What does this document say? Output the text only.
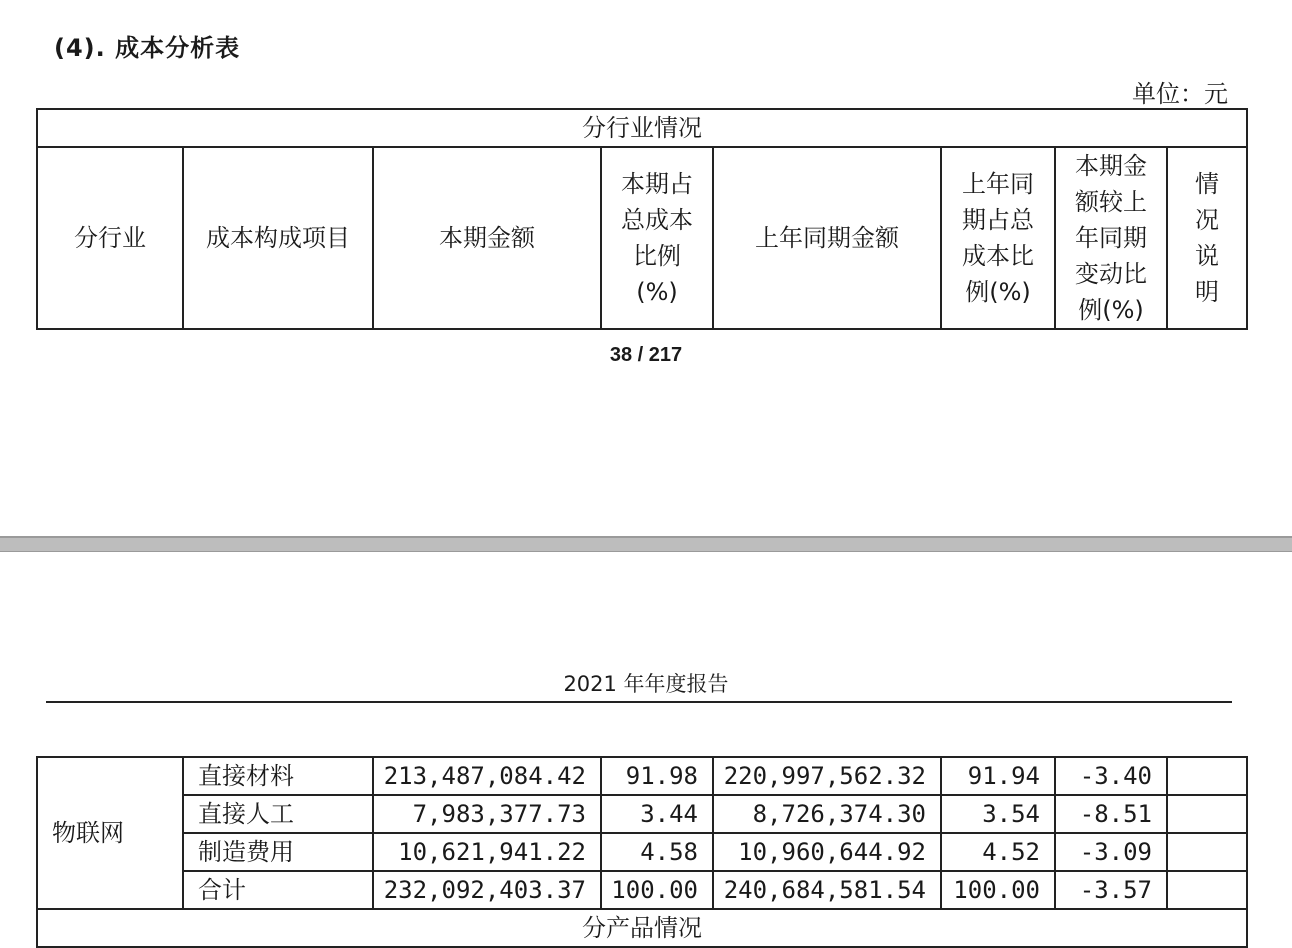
(4). 成本分析表
单位：元
分行业情况
分行业	成本构成项目	本期金额	本期占总成本比例(%)	上年同期金额	上年同期占总成本比例(%)	本期金额较上年同期变动比例(%)	情况说明
38 / 217
2021 年年度报告
物联网	直接材料	213,487,084.42	91.98	220,997,562.32	91.94	-3.40	
	直接人工	7,983,377.73	3.44	8,726,374.30	3.54	-8.51	
	制造费用	10,621,941.22	4.58	10,960,644.92	4.52	-3.09	
	合计	232,092,403.37	100.00	240,684,581.54	100.00	-3.57	
分产品情况							
